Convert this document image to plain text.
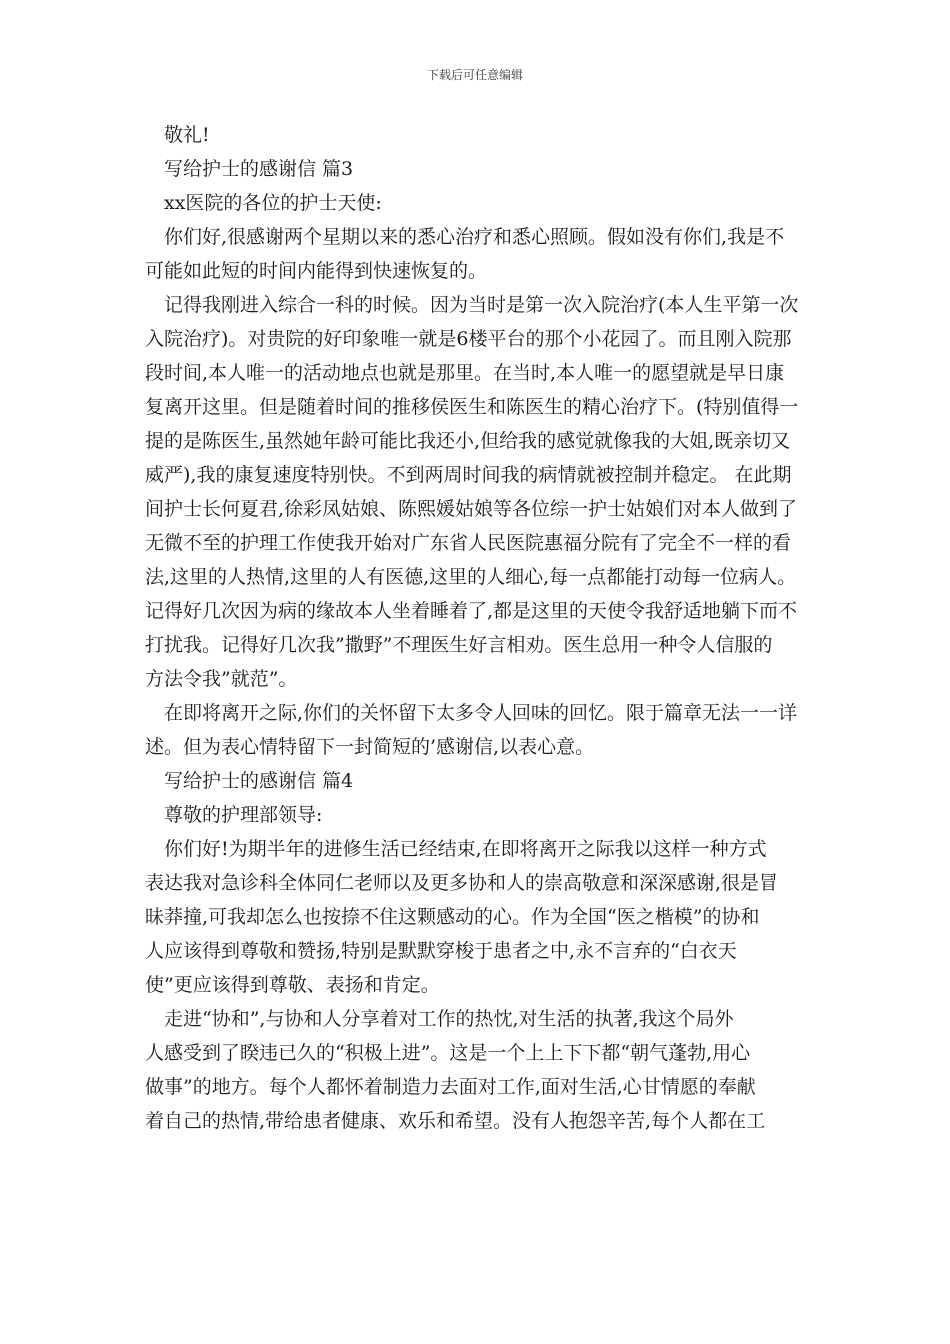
下载后可任意编辑
敬礼!
写给护士的感谢信 篇3
xx医院的各位的护士天使:
你们好,很感谢两个星期以来的悉心治疗和悉心照顾。假如没有你们,我是不
可能如此短的时间内能得到快速恢复的。
记得我刚进入综合一科的时候。因为当时是第一次入院治疗(本人生平第一次
入院治疗)。对贵院的好印象唯一就是6楼平台的那个小花园了。而且刚入院那
段时间,本人唯一的活动地点也就是那里。在当时,本人唯一的愿望就是早日康
复离开这里。但是随着时间的推移侯医生和陈医生的精心治疗下。(特别值得一
提的是陈医生,虽然她年龄可能比我还小,但给我的感觉就像我的大姐,既亲切又
威严),我的康复速度特别快。不到两周时间我的病情就被控制并稳定。 在此期
间护士长何夏君,徐彩凤姑娘、陈熙媛姑娘等各位综一护士姑娘们对本人做到了
无微不至的护理工作使我开始对广东省人民医院惠福分院有了完全不一样的看
法,这里的人热情,这里的人有医德,这里的人细心,每一点都能打动每一位病人。
记得好几次因为病的缘故本人坐着睡着了,都是这里的天使令我舒适地躺下而不
打扰我。记得好几次我”撒野”不理医生好言相劝。医生总用一种令人信服的
方法令我”就范”。
在即将离开之际,你们的关怀留下太多令人回味的回忆。限于篇章无法一一详
述。但为表心情特留下一封简短的’感谢信,以表心意。
写给护士的感谢信 篇4
尊敬的护理部领导:
你们好!为期半年的进修生活已经结束,在即将离开之际我以这样一种方式
表达我对急诊科全体同仁老师以及更多协和人的崇高敬意和深深感谢,很是冒
昧莽撞,可我却怎么也按捺不住这颗感动的心。作为全国“医之楷模”的协和
人应该得到尊敬和赞扬,特别是默默穿梭于患者之中,永不言弃的“白衣天
使”更应该得到尊敬、表扬和肯定。
走进“协和”,与协和人分享着对工作的热忱,对生活的执著,我这个局外
人感受到了睽违已久的“积极上进”。这是一个上上下下都“朝气蓬勃,用心
做事”的地方。每个人都怀着制造力去面对工作,面对生活,心甘情愿的奉献
着自己的热情,带给患者健康、欢乐和希望。没有人抱怨辛苦,每个人都在工
